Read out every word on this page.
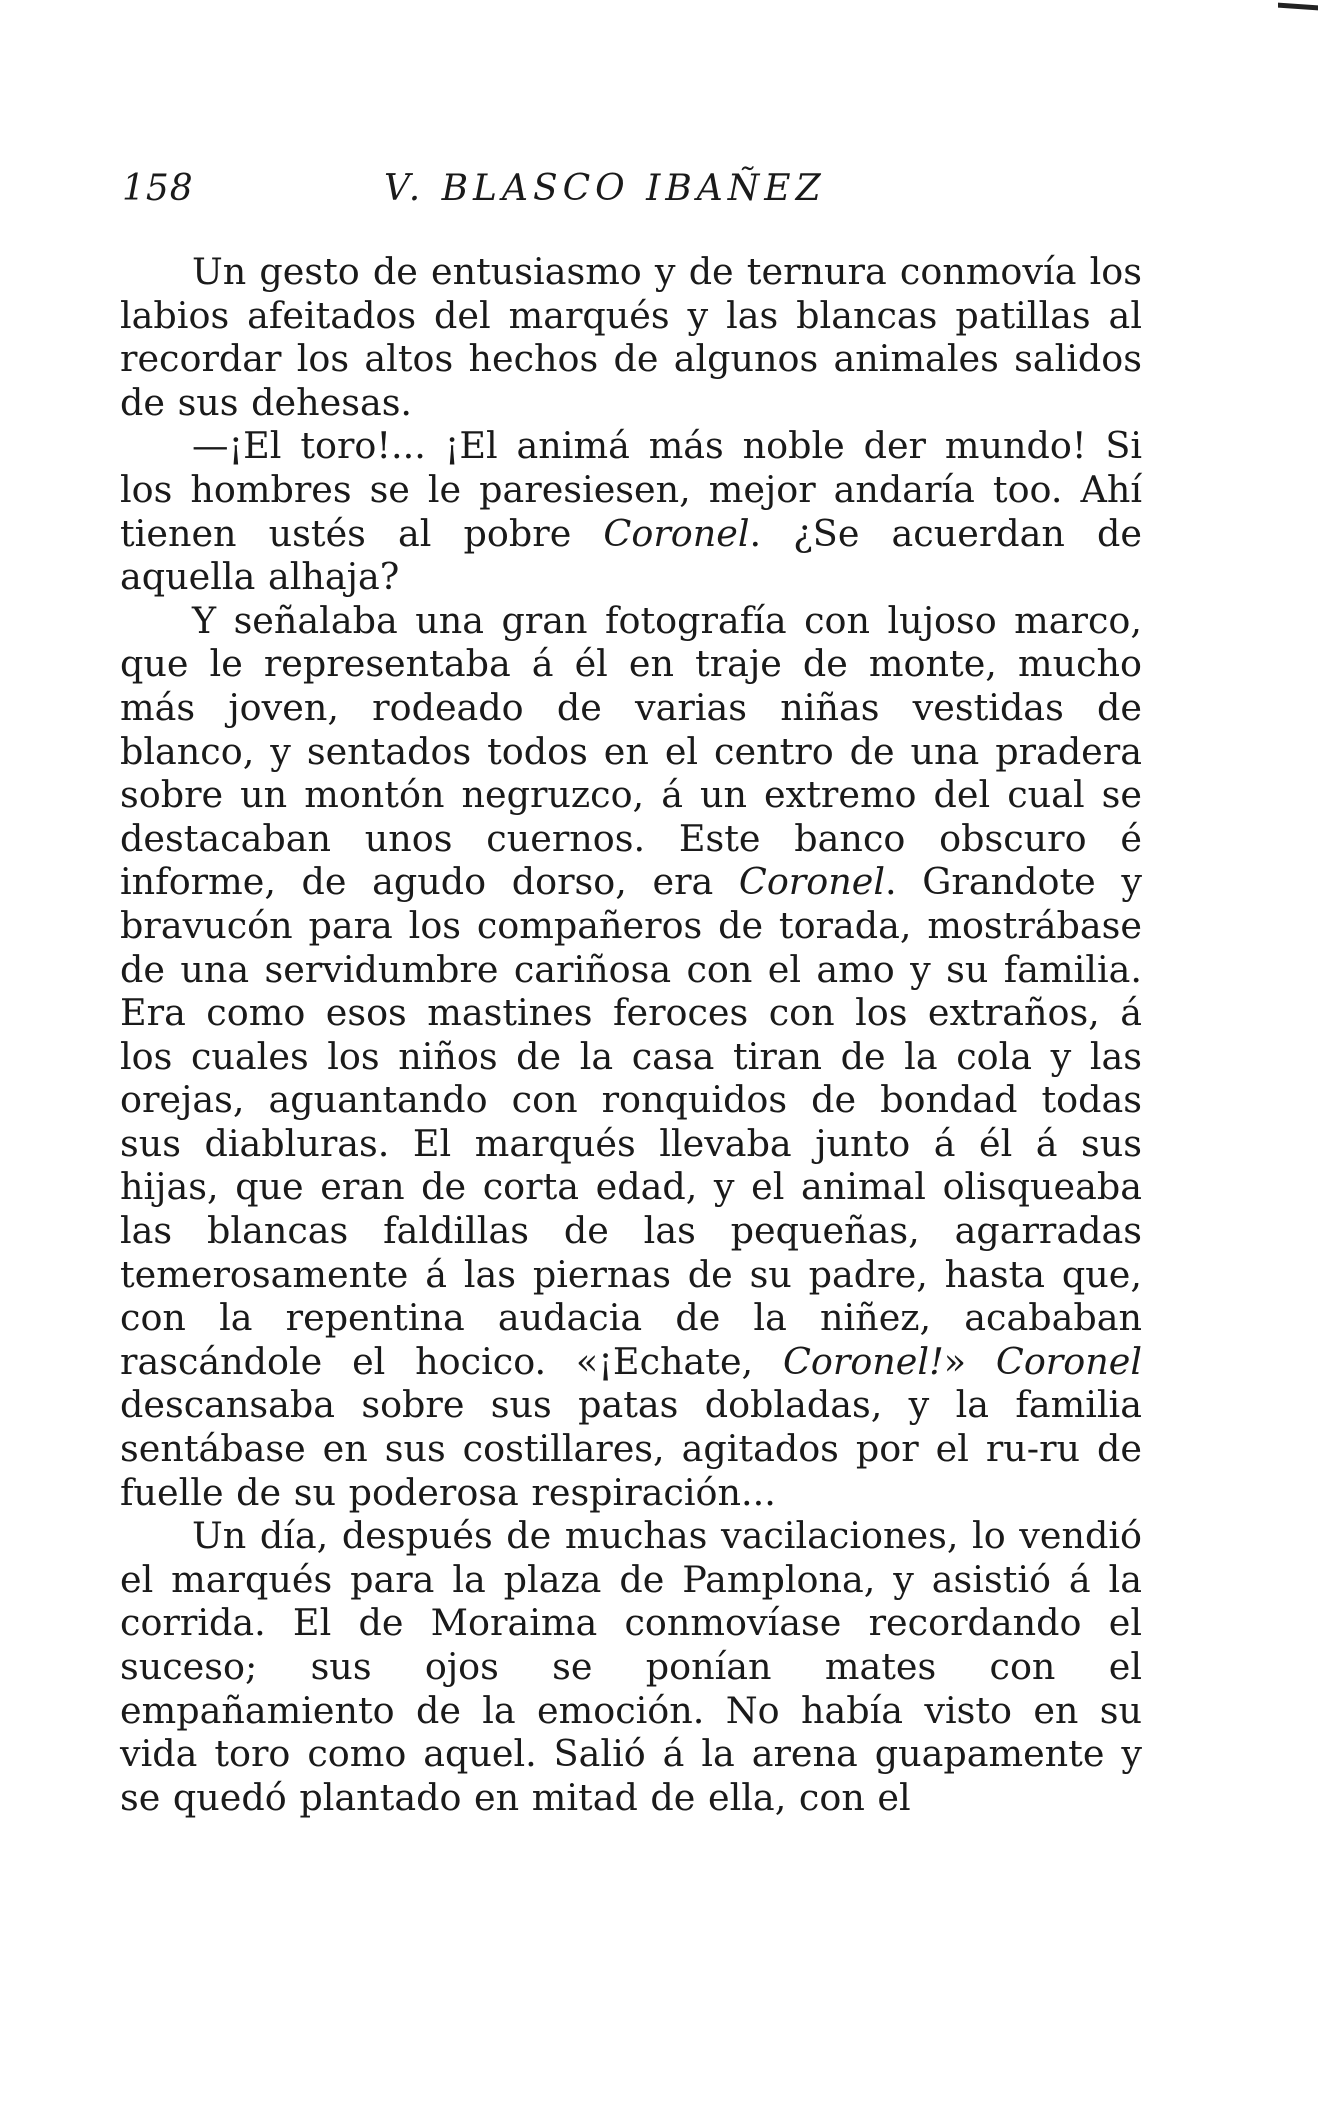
158	V. BLASCO IBAÑEZ

Un gesto de entusiasmo y de ternura conmovía los labios afeitados del marqués y las blancas patillas al recordar los altos hechos de algunos animales salidos de sus dehesas.

—¡El toro!... ¡El animá más noble der mundo! Si los hombres se le paresiesen, mejor andaría too. Ahí tienen ustés al pobre Coronel. ¿Se acuerdan de aquella alhaja?

Y señalaba una gran fotografía con lujoso marco, que le representaba á él en traje de monte, mucho más joven, rodeado de varias niñas vestidas de blanco, y sentados todos en el centro de una pradera sobre un montón negruzco, á un extremo del cual se destacaban unos cuernos. Este banco obscuro é informe, de agudo dorso, era Coronel. Grandote y bravucón para los compañeros de torada, mostrábase de una servidumbre cariñosa con el amo y su familia. Era como esos mastines feroces con los extraños, á los cuales los niños de la casa tiran de la cola y las orejas, aguantando con ronquidos de bondad todas sus diabluras. El marqués llevaba junto á él á sus hijas, que eran de corta edad, y el animal olisqueaba las blancas faldillas de las pequeñas, agarradas temerosamente á las piernas de su padre, hasta que, con la repentina audacia de la niñez, acababan rascándole el hocico. «¡Echate, Coronel!» Coronel descansaba sobre sus patas dobladas, y la familia sentábase en sus costillares, agitados por el ru-ru de fuelle de su poderosa respiración...

Un día, después de muchas vacilaciones, lo vendió el marqués para la plaza de Pamplona, y asistió á la corrida. El de Moraima conmovíase recordando el suceso; sus ojos se ponían mates con el empañamiento de la emoción. No había visto en su vida toro como aquel. Salió á la arena guapamente y se quedó plantado en mitad de ella, con el
